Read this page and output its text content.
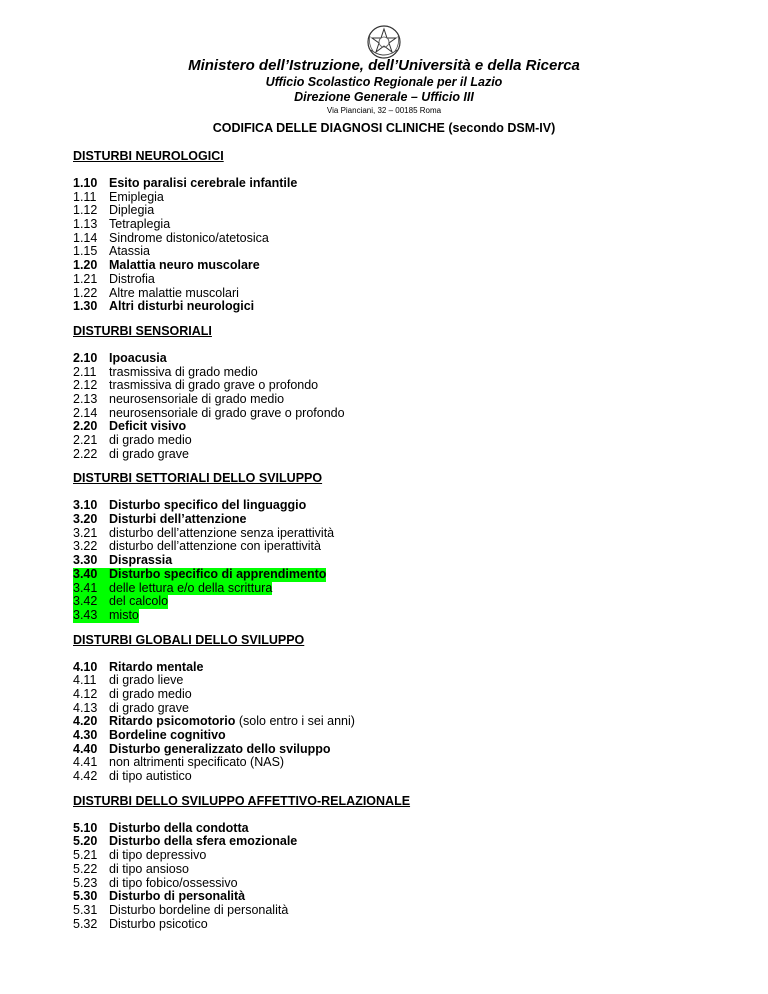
Ministero dell’Istruzione, dell’Università e della Ricerca
Ufficio Scolastico Regionale per il Lazio
Direzione Generale – Ufficio III
Via Pianciani, 32 – 00185 Roma
CODIFICA DELLE DIAGNOSI CLINICHE (secondo DSM-IV)
DISTURBI NEUROLOGICI
1.10 Esito paralisi cerebrale infantile
1.11	Emiplegia
1.12 Diplegia
1.13 Tetraplegia
1.14 Sindrome distonico/atetosica
1.15 Atassia
1.20 Malattia neuro muscolare
1.21 Distrofia
1.22 Altre malattie muscolari
1.30 Altri disturbi neurologici
DISTURBI SENSORIALI
2.10 Ipoacusia
2.11	trasmissiva di grado medio
2.12 trasmissiva di grado grave o profondo
2.13 neurosensoriale di grado medio
2.14 neurosensoriale di grado grave o profondo
2.20 Deficit visivo
2.21 di grado medio
2.22 di grado grave
DISTURBI SETTORIALI DELLO SVILUPPO
3.10 Disturbo specifico del linguaggio
3.20 Disturbi dell’attenzione
3.21 disturbo dell’attenzione senza iperattività
3.22 disturbo dell’attenzione con iperattività
3.30 Disprassia
3.40 Disturbo specifico di apprendimento
3.41 delle lettura e/o della scrittura
3.42 del calcolo
3.43 misto
DISTURBI GLOBALI DELLO SVILUPPO
4.10 Ritardo mentale
4.11	di grado lieve
4.12 di grado medio
4.13 di grado grave
4.20 Ritardo psicomotorio (solo entro i sei anni)
4.30 Bordeline cognitivo
4.40 Disturbo generalizzato dello sviluppo
4.41 non altrimenti specificato (NAS)
4.42 di tipo autistico
DISTURBI DELLO SVILUPPO AFFETTIVO-RELAZIONALE
5.10 Disturbo della condotta
5.20 Disturbo della sfera emozionale
5.21 di tipo depressivo
5.22 di tipo ansioso
5.23 di tipo fobico/ossessivo
5.30 Disturbo di personalità
5.31 Disturbo bordeline di personalità
5.32 Disturbo psicotico
